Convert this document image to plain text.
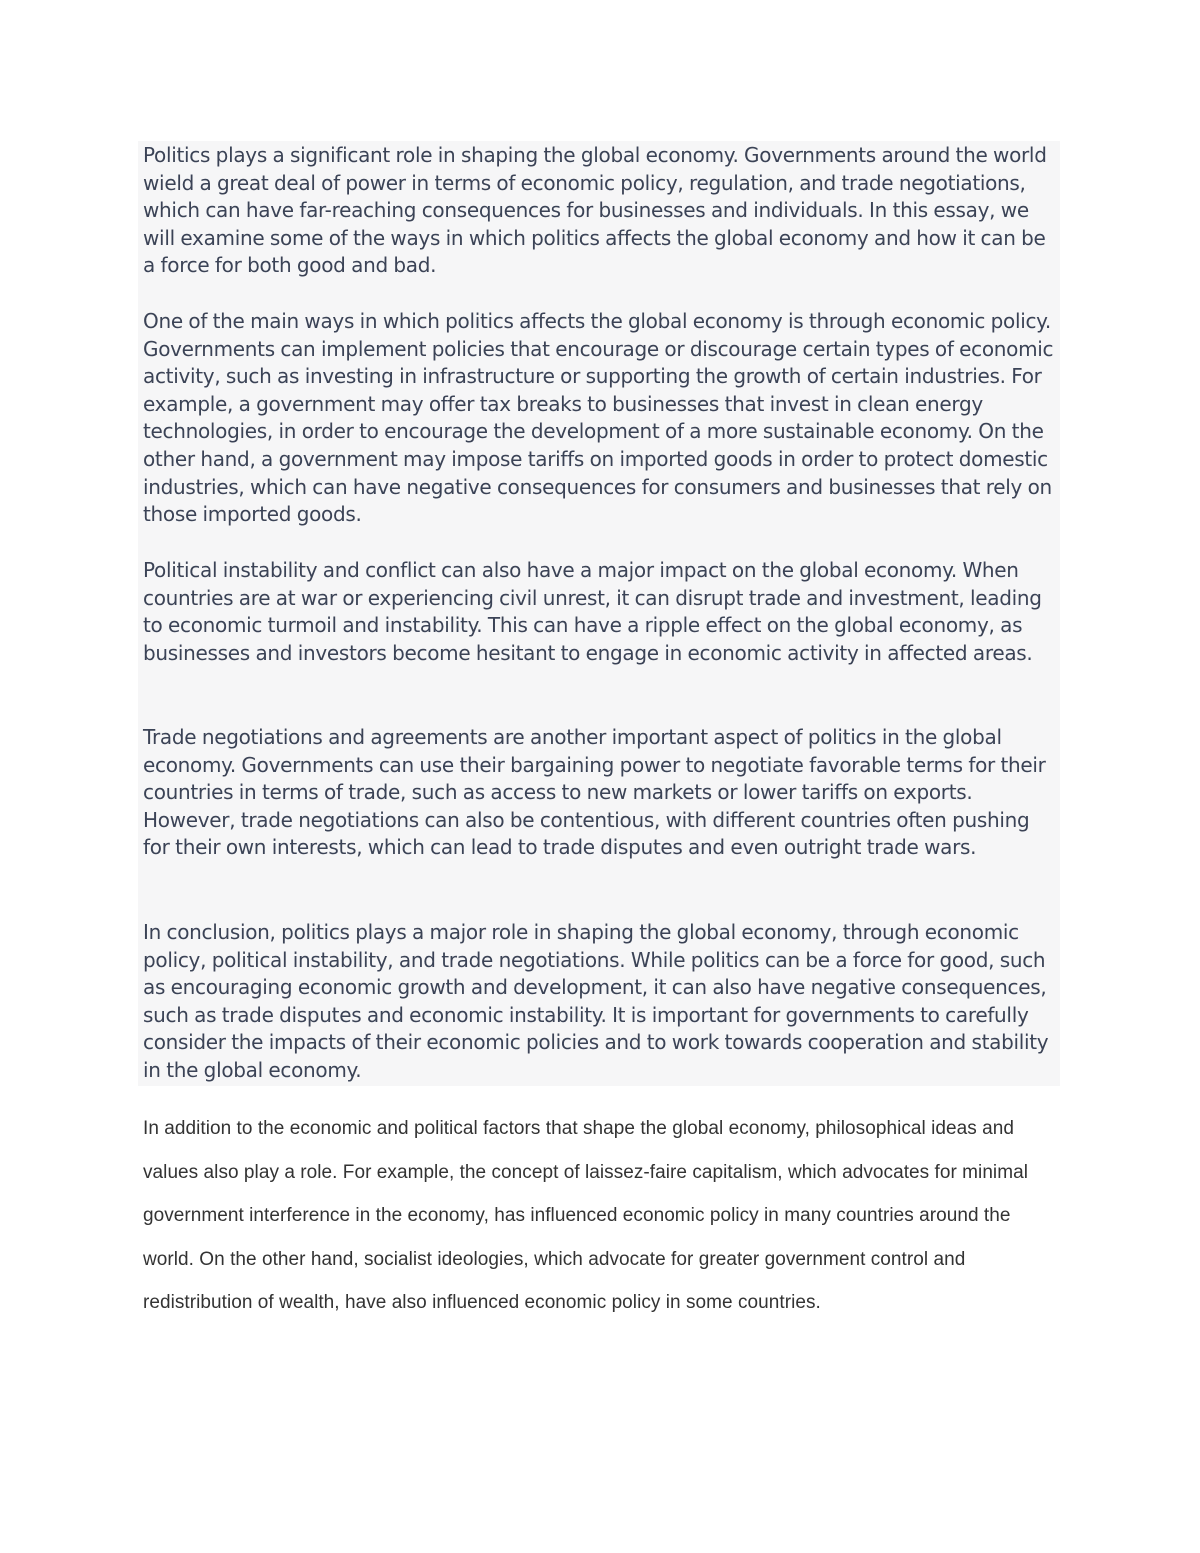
Politics plays a significant role in shaping the global economy. Governments around the world wield a great deal of power in terms of economic policy, regulation, and trade negotiations, which can have far-reaching consequences for businesses and individuals. In this essay, we will examine some of the ways in which politics affects the global economy and how it can be a force for both good and bad.

One of the main ways in which politics affects the global economy is through economic policy. Governments can implement policies that encourage or discourage certain types of economic activity, such as investing in infrastructure or supporting the growth of certain industries. For example, a government may offer tax breaks to businesses that invest in clean energy technologies, in order to encourage the development of a more sustainable economy. On the other hand, a government may impose tariffs on imported goods in order to protect domestic industries, which can have negative consequences for consumers and businesses that rely on those imported goods.

Political instability and conflict can also have a major impact on the global economy. When countries are at war or experiencing civil unrest, it can disrupt trade and investment, leading to economic turmoil and instability. This can have a ripple effect on the global economy, as businesses and investors become hesitant to engage in economic activity in affected areas.

Trade negotiations and agreements are another important aspect of politics in the global economy. Governments can use their bargaining power to negotiate favorable terms for their countries in terms of trade, such as access to new markets or lower tariffs on exports. However, trade negotiations can also be contentious, with different countries often pushing for their own interests, which can lead to trade disputes and even outright trade wars.

In conclusion, politics plays a major role in shaping the global economy, through economic policy, political instability, and trade negotiations. While politics can be a force for good, such as encouraging economic growth and development, it can also have negative consequences, such as trade disputes and economic instability. It is important for governments to carefully consider the impacts of their economic policies and to work towards cooperation and stability in the global economy.

In addition to the economic and political factors that shape the global economy, philosophical ideas and values also play a role. For example, the concept of laissez-faire capitalism, which advocates for minimal government interference in the economy, has influenced economic policy in many countries around the world. On the other hand, socialist ideologies, which advocate for greater government control and redistribution of wealth, have also influenced economic policy in some countries.
